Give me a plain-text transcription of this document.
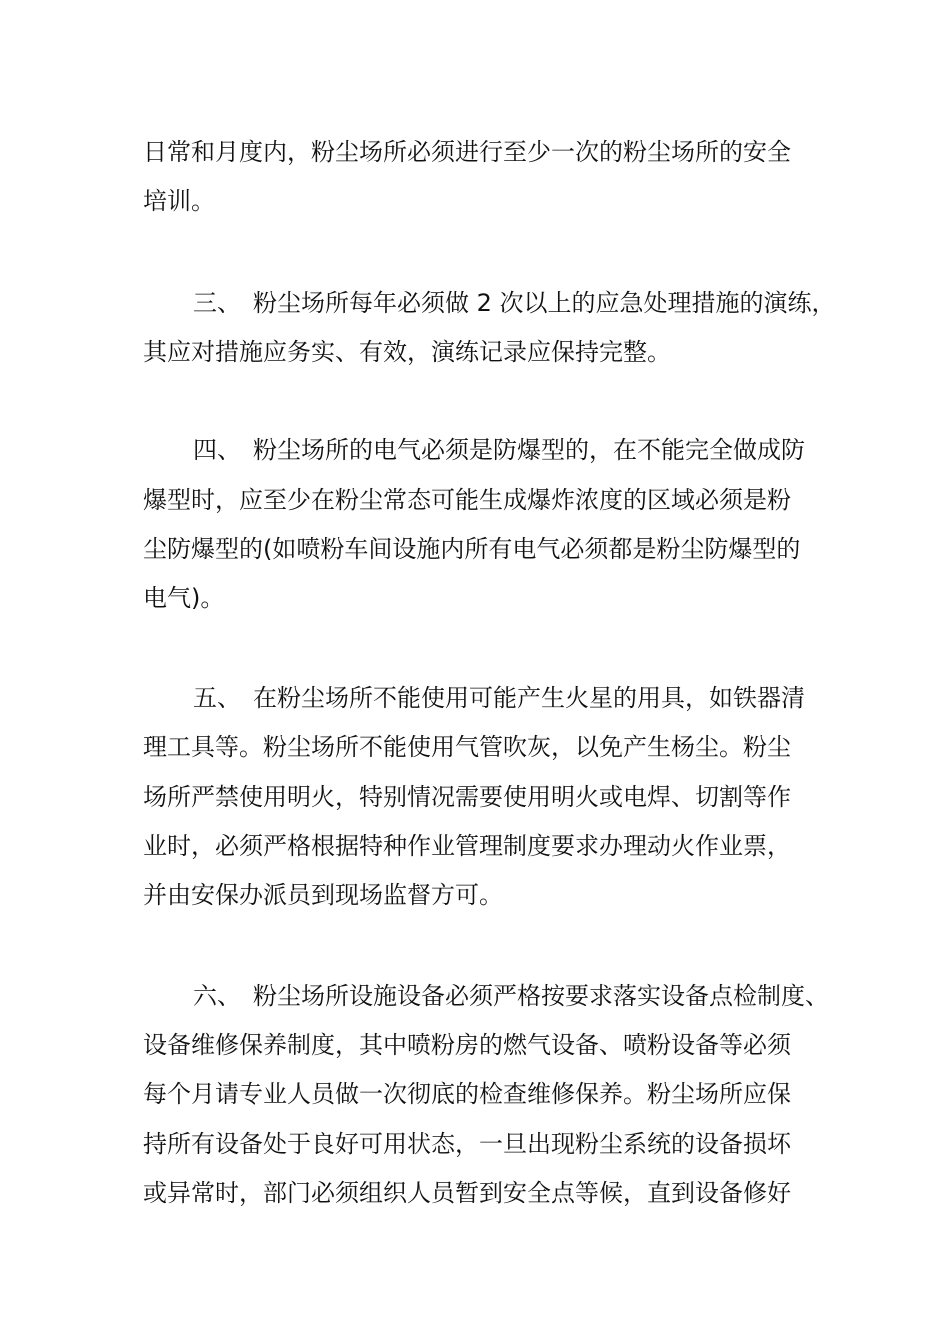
日常和月度内，粉尘场所必须进行至少一次的粉尘场所的安全
培训。
三、 粉尘场所每年必须做 2 次以上的应急处理措施的演练，
其应对措施应务实、有效，演练记录应保持完整。
四、 粉尘场所的电气必须是防爆型的，在不能完全做成防
爆型时，应至少在粉尘常态可能生成爆炸浓度的区域必须是粉
尘防爆型的(如喷粉车间设施内所有电气必须都是粉尘防爆型的
电气)。
五、 在粉尘场所不能使用可能产生火星的用具，如铁器清
理工具等。粉尘场所不能使用气管吹灰，以免产生杨尘。粉尘
场所严禁使用明火，特别情况需要使用明火或电焊、切割等作
业时，必须严格根据特种作业管理制度要求办理动火作业票，
并由安保办派员到现场监督方可。
六、 粉尘场所设施设备必须严格按要求落实设备点检制度、
设备维修保养制度，其中喷粉房的燃气设备、喷粉设备等必须
每个月请专业人员做一次彻底的检查维修保养。粉尘场所应保
持所有设备处于良好可用状态，一旦出现粉尘系统的设备损坏
或异常时，部门必须组织人员暂到安全点等候，直到设备修好
